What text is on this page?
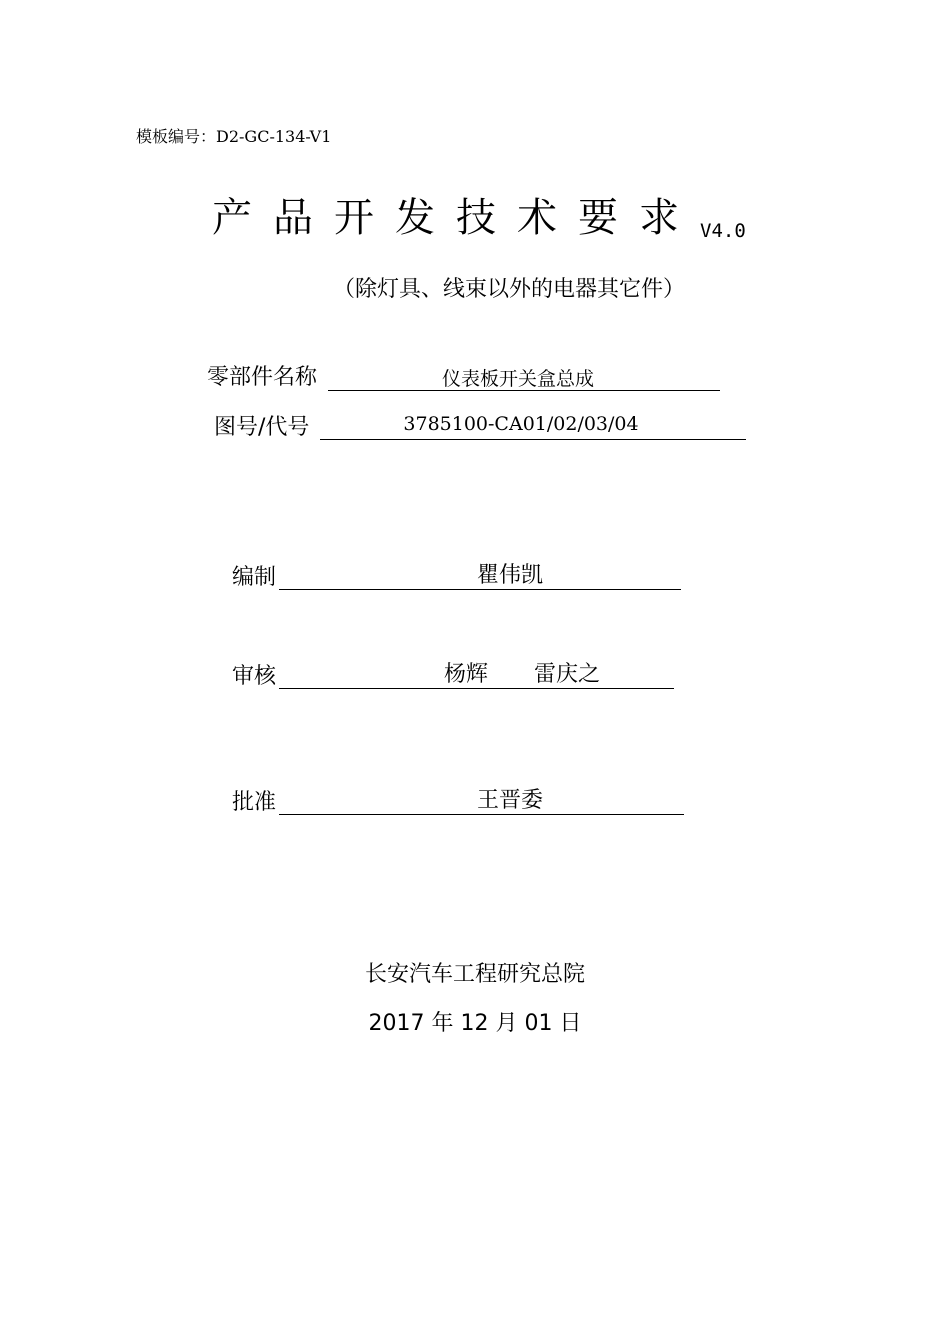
模板编号：D2-GC-134-V1
产品开发技术要求 V4.0
（除灯具、线束以外的电器其它件）
零部件名称	仪表板开关盒总成
图号/代号	3785100-CA01/02/03/04
编制	瞿伟凯
审核	杨辉 雷庆之
批准	王晋委
长安汽车工程研究总院
2017 年 12 月 01 日
